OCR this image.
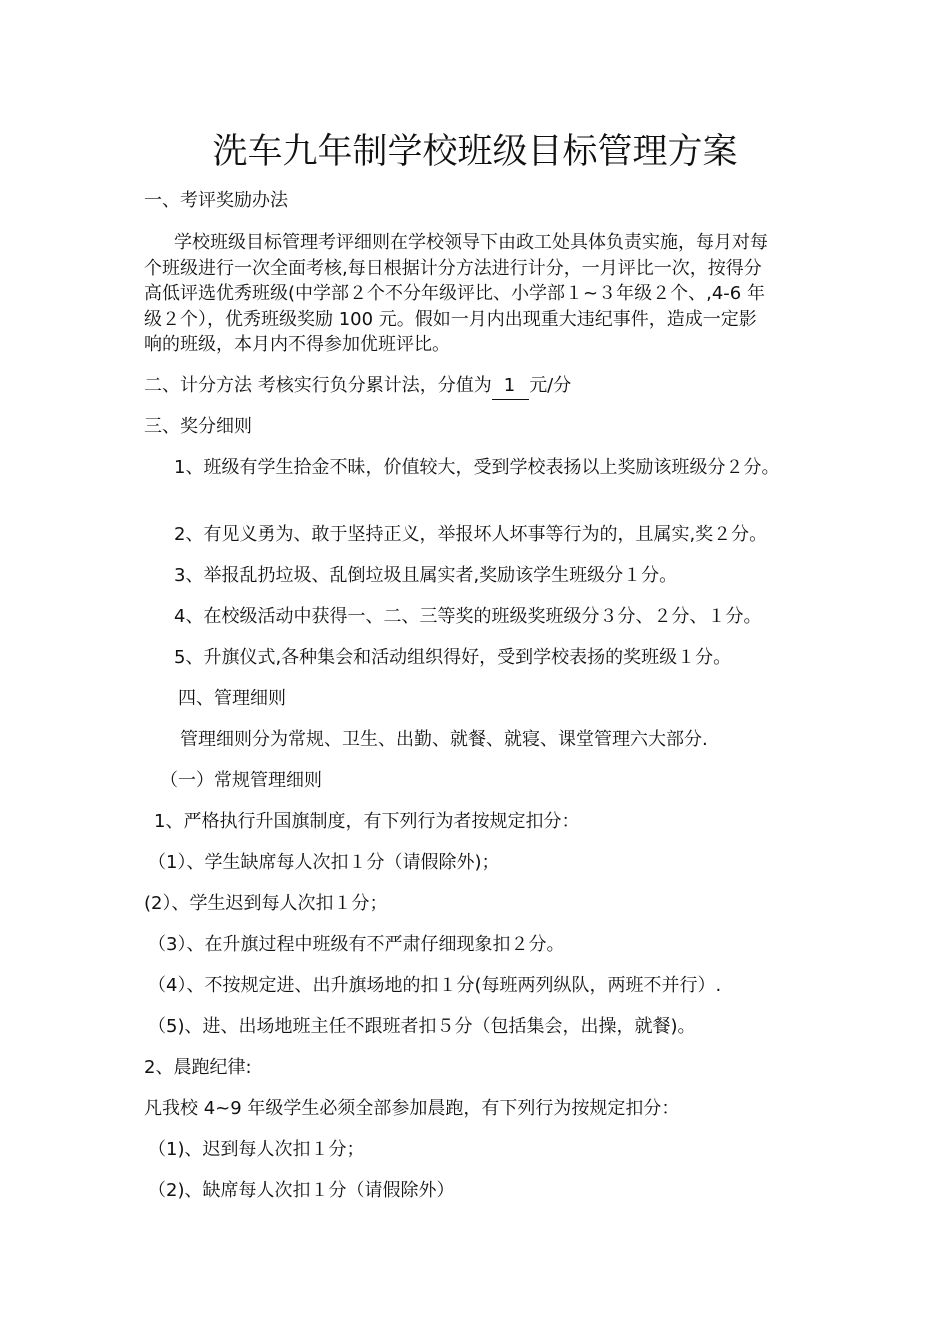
洗车九年制学校班级目标管理方案
一、考评奖励办法
学校班级目标管理考评细则在学校领导下由政工处具体负责实施，每月对每
个班级进行一次全面考核,每日根据计分方法进行计分，一月评比一次，按得分
高低评选优秀班级(中学部２个不分年级评比、小学部１~３年级２个、,4-6 年
级２个），优秀班级奖励 100 元。假如一月内出现重大违纪事件，造成一定影
响的班级，本月内不得参加优班评比。
二、计分方法 考核实行负分累计法，分值为 1 元/分
三、奖分细则
1、班级有学生拾金不昧，价值较大，受到学校表扬以上奖励该班级分２分。
2、有见义勇为、敢于坚持正义，举报坏人坏事等行为的，且属实,奖２分。
3、举报乱扔垃圾、乱倒垃圾且属实者,奖励该学生班级分１分。
4、在校级活动中获得一、二、三等奖的班级奖班级分３分、２分、１分。
5、升旗仪式,各种集会和活动组织得好，受到学校表扬的奖班级１分。
四、管理细则
管理细则分为常规、卫生、出勤、就餐、就寝、课堂管理六大部分.
（一）常规管理细则
1、严格执行升国旗制度，有下列行为者按规定扣分：
（1）、学生缺席每人次扣１分（请假除外)；
(2）、学生迟到每人次扣１分；
（3）、在升旗过程中班级有不严肃仔细现象扣２分。
（4）、不按规定进、出升旗场地的扣１分(每班两列纵队，两班不并行）.
（5)、进、出场地班主任不跟班者扣５分（包括集会，出操，就餐)。
2、晨跑纪律:
凡我校 4~9 年级学生必须全部参加晨跑，有下列行为按规定扣分：
（1)、迟到每人次扣１分；
（2)、缺席每人次扣１分（请假除外）
